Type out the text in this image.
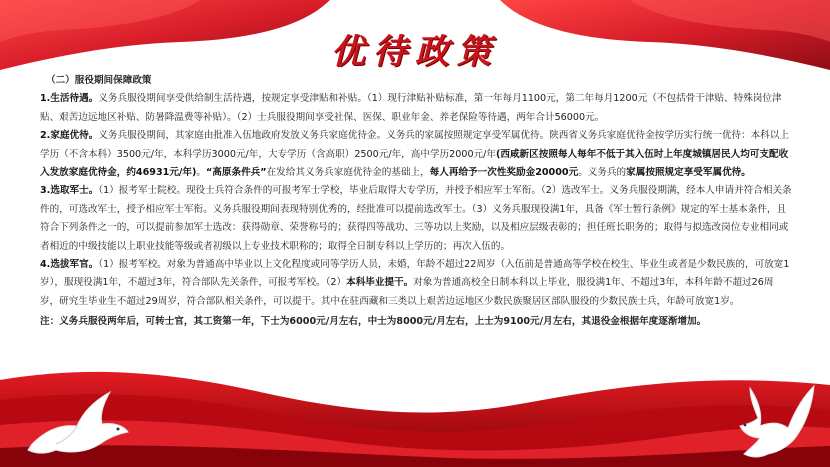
优待政策
（二）服役期间保障政策

1.生活待遇。义务兵服役期间享受供给制生活待遇，按规定享受津贴和补贴。（1）现行津贴补贴标准，第一年每月1100元，第二年每月1200元（不包括骨干津贴、特殊岗位津贴、艰苦边远地区补贴、防暑降温费等补贴）。（2）士兵服役期间享受社保、医保、职业年金、养老保险等待遇，两年合计56000元。

2.家庭优待。义务兵服役期间，其家庭由批准入伍地政府发放义务兵家庭优待金。义务兵的家属按照规定享受军属优待。陕西省义务兵家庭优待金按学历实行统一优待：本科以上学历（不含本科）3500元/年，本科学历3000元/年，大专学历（含高职）2500元/年，高中学历2000元/年(西咸新区按照每人每年不低于其入伍时上年度城镇居民人均可支配收入发放家庭优待金，约46931元/年)。“高原条件兵”在发给其义务兵家庭优待金的基础上，每人再给予一次性奖励金20000元。义务兵的家属按照规定享受军属优待。

3.选取军士。（1）报考军士院校。现役士兵符合条件的可报考军士学校，毕业后取得大专学历，并授予相应军士军衔。（2）选改军士。义务兵服役期满，经本人申请并符合相关条件的，可选改军士，授予相应军士军衔。义务兵服役期间表现特别优秀的，经批准可以提前选改军士。（3）义务兵服现役满1年，具备《军士暂行条例》规定的军士基本条件，且符合下列条件之一的，可以提前参加军士选改：获得勋章、荣誉称号的；获得四等战功、三等功以上奖励，以及相应层级表彰的；担任班长职务的；取得与拟选改岗位专业相同或者相近的中级技能以上职业技能等级或者初级以上专业技术职称的；取得全日制专科以上学历的；再次入伍的。

4.选拔军官。（1）报考军校。对象为普通高中毕业以上文化程度或同等学历人员，未婚，年龄不超过22周岁（入伍前是普通高等学校在校生、毕业生或者是少数民族的，可放宽1岁），服现役满1年，不超过3年，符合部队先关条件，可报考军校。（2）本科毕业提干。对象为普通高校全日制本科以上毕业，服役满1年、不超过3年，本科年龄不超过26周岁，研究生毕业生不超过29周岁，符合部队相关条件，可以提干。其中在驻西藏和三类以上艰苦边远地区少数民族聚居区部队服役的少数民族士兵，年龄可放宽1岁。

注：义务兵服役两年后，可转士官，其工资第一年，下士为6000元/月左右，中士为8000元/月左右，上士为9100元/月左右，其退役金根据年度逐渐增加。
